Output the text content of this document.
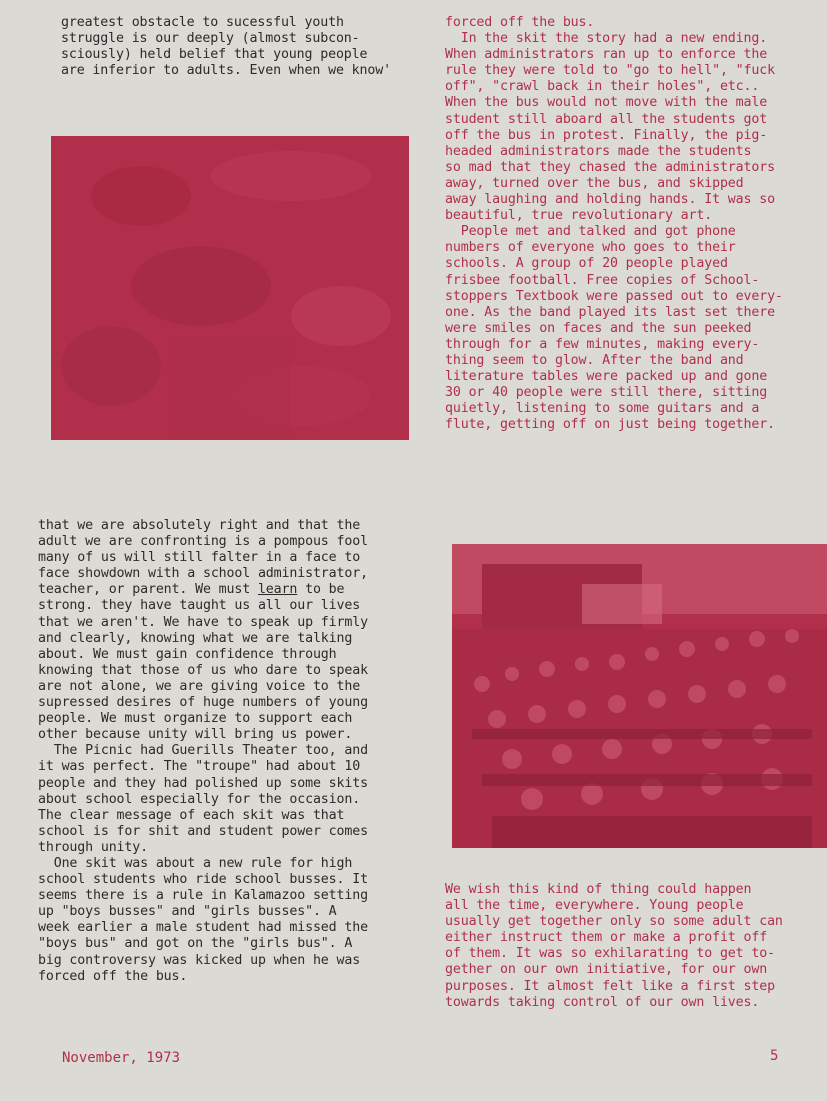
greatest obstacle to sucessful youth
struggle is our deeply (almost subcon-
sciously) held belief that young people
are inferior to adults. Even when we know'
forced off the bus.
In the skit the story had a new ending.
When administrators ran up to enforce the
rule they were told to "go to hell", "fuck
off", "crawl back in their holes", etc..
When the bus would not move with the male
student still aboard all the students got
off the bus in protest. Finally, the pig-
headed administrators made the students
so mad that they chased the administrators
away, turned over the bus, and skipped
away laughing and holding hands. It was so
beautiful, true revolutionary art.
People met and talked and got phone
numbers of everyone who goes to their
schools. A group of 20 people played
frisbee football. Free copies of School-
stoppers Textbook were passed out to every-
one. As the band played its last set there
were smiles on faces and the sun peeked
through for a few minutes, making every-
thing seem to glow. After the band and
literature tables were packed up and gone
30 or 40 people were still there, sitting
quietly, listening to some guitars and a
flute, getting off on just being together.
that we are absolutely right and that the
adult we are confronting is a pompous fool
many of us will still falter in a face to
face showdown with a school administrator,
teacher, or parent. We must learn to be
strong. they have taught us all our lives
that we aren't. We have to speak up firmly
and clearly, knowing what we are talking
about. We must gain confidence through
knowing that those of us who dare to speak
are not alone, we are giving voice to the
supressed desires of huge numbers of young
people. We must organize to support each
other because unity will bring us power.
The Picnic had Guerills Theater too, and
it was perfect. The "troupe" had about 10
people and they had polished up some skits
about school especially for the occasion.
The clear message of each skit was that
school is for shit and student power comes
through unity.
One skit was about a new rule for high
school students who ride school busses. It
seems there is a rule in Kalamazoo setting
up "boys busses" and "girls busses". A
week earlier a male student had missed the
"boys bus" and got on the "girls bus". A
big controversy was kicked up when he was
forced off the bus.
We wish this kind of thing could happen
all the time, everywhere. Young people
usually get together only so some adult can
either instruct them or make a profit off
of them. It was so exhilarating to get to-
gether on our own initiative, for our own
purposes. It almost felt like a first step
towards taking control of our own lives.
November, 1973	5
